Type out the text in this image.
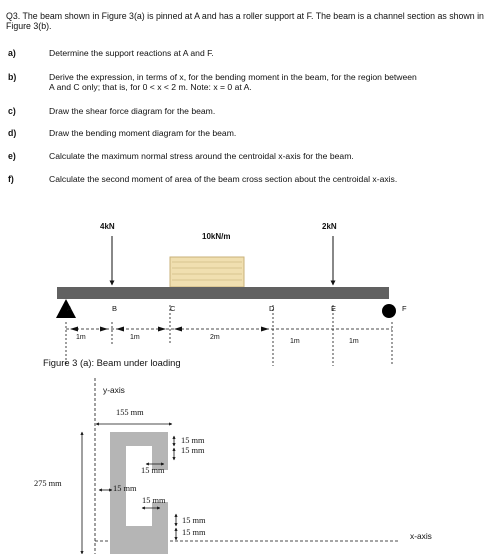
Q3. The beam shown in Figure 3(a) is pinned at A and has a roller support at F. The beam is a channel section as shown in Figure 3(b).
a)	Determine the support reactions at A and F.
b)	Derive the expression, in terms of x, for the bending moment in the beam, for the region between
A and C only; that is, for 0 < x < 2 m. Note: x = 0 at A.
c)	Draw the shear force diagram for the beam.
d)	Draw the bending moment diagram for the beam.
e)	Calculate the maximum normal stress around the centroidal x-axis for the beam.
f)	Calculate the second moment of area of the beam cross section about the centroidal x-axis.
4kN	2kN
10kN/m
A	B	C	D	E	F
1m	1m	2m
1m	1m
Figure 3 (a): Beam under loading
y-axis
155 mm
275 mm
15 mm
15 mm
15 mm
15 mm
15 mm
15 mm
15 mm	x-axis
